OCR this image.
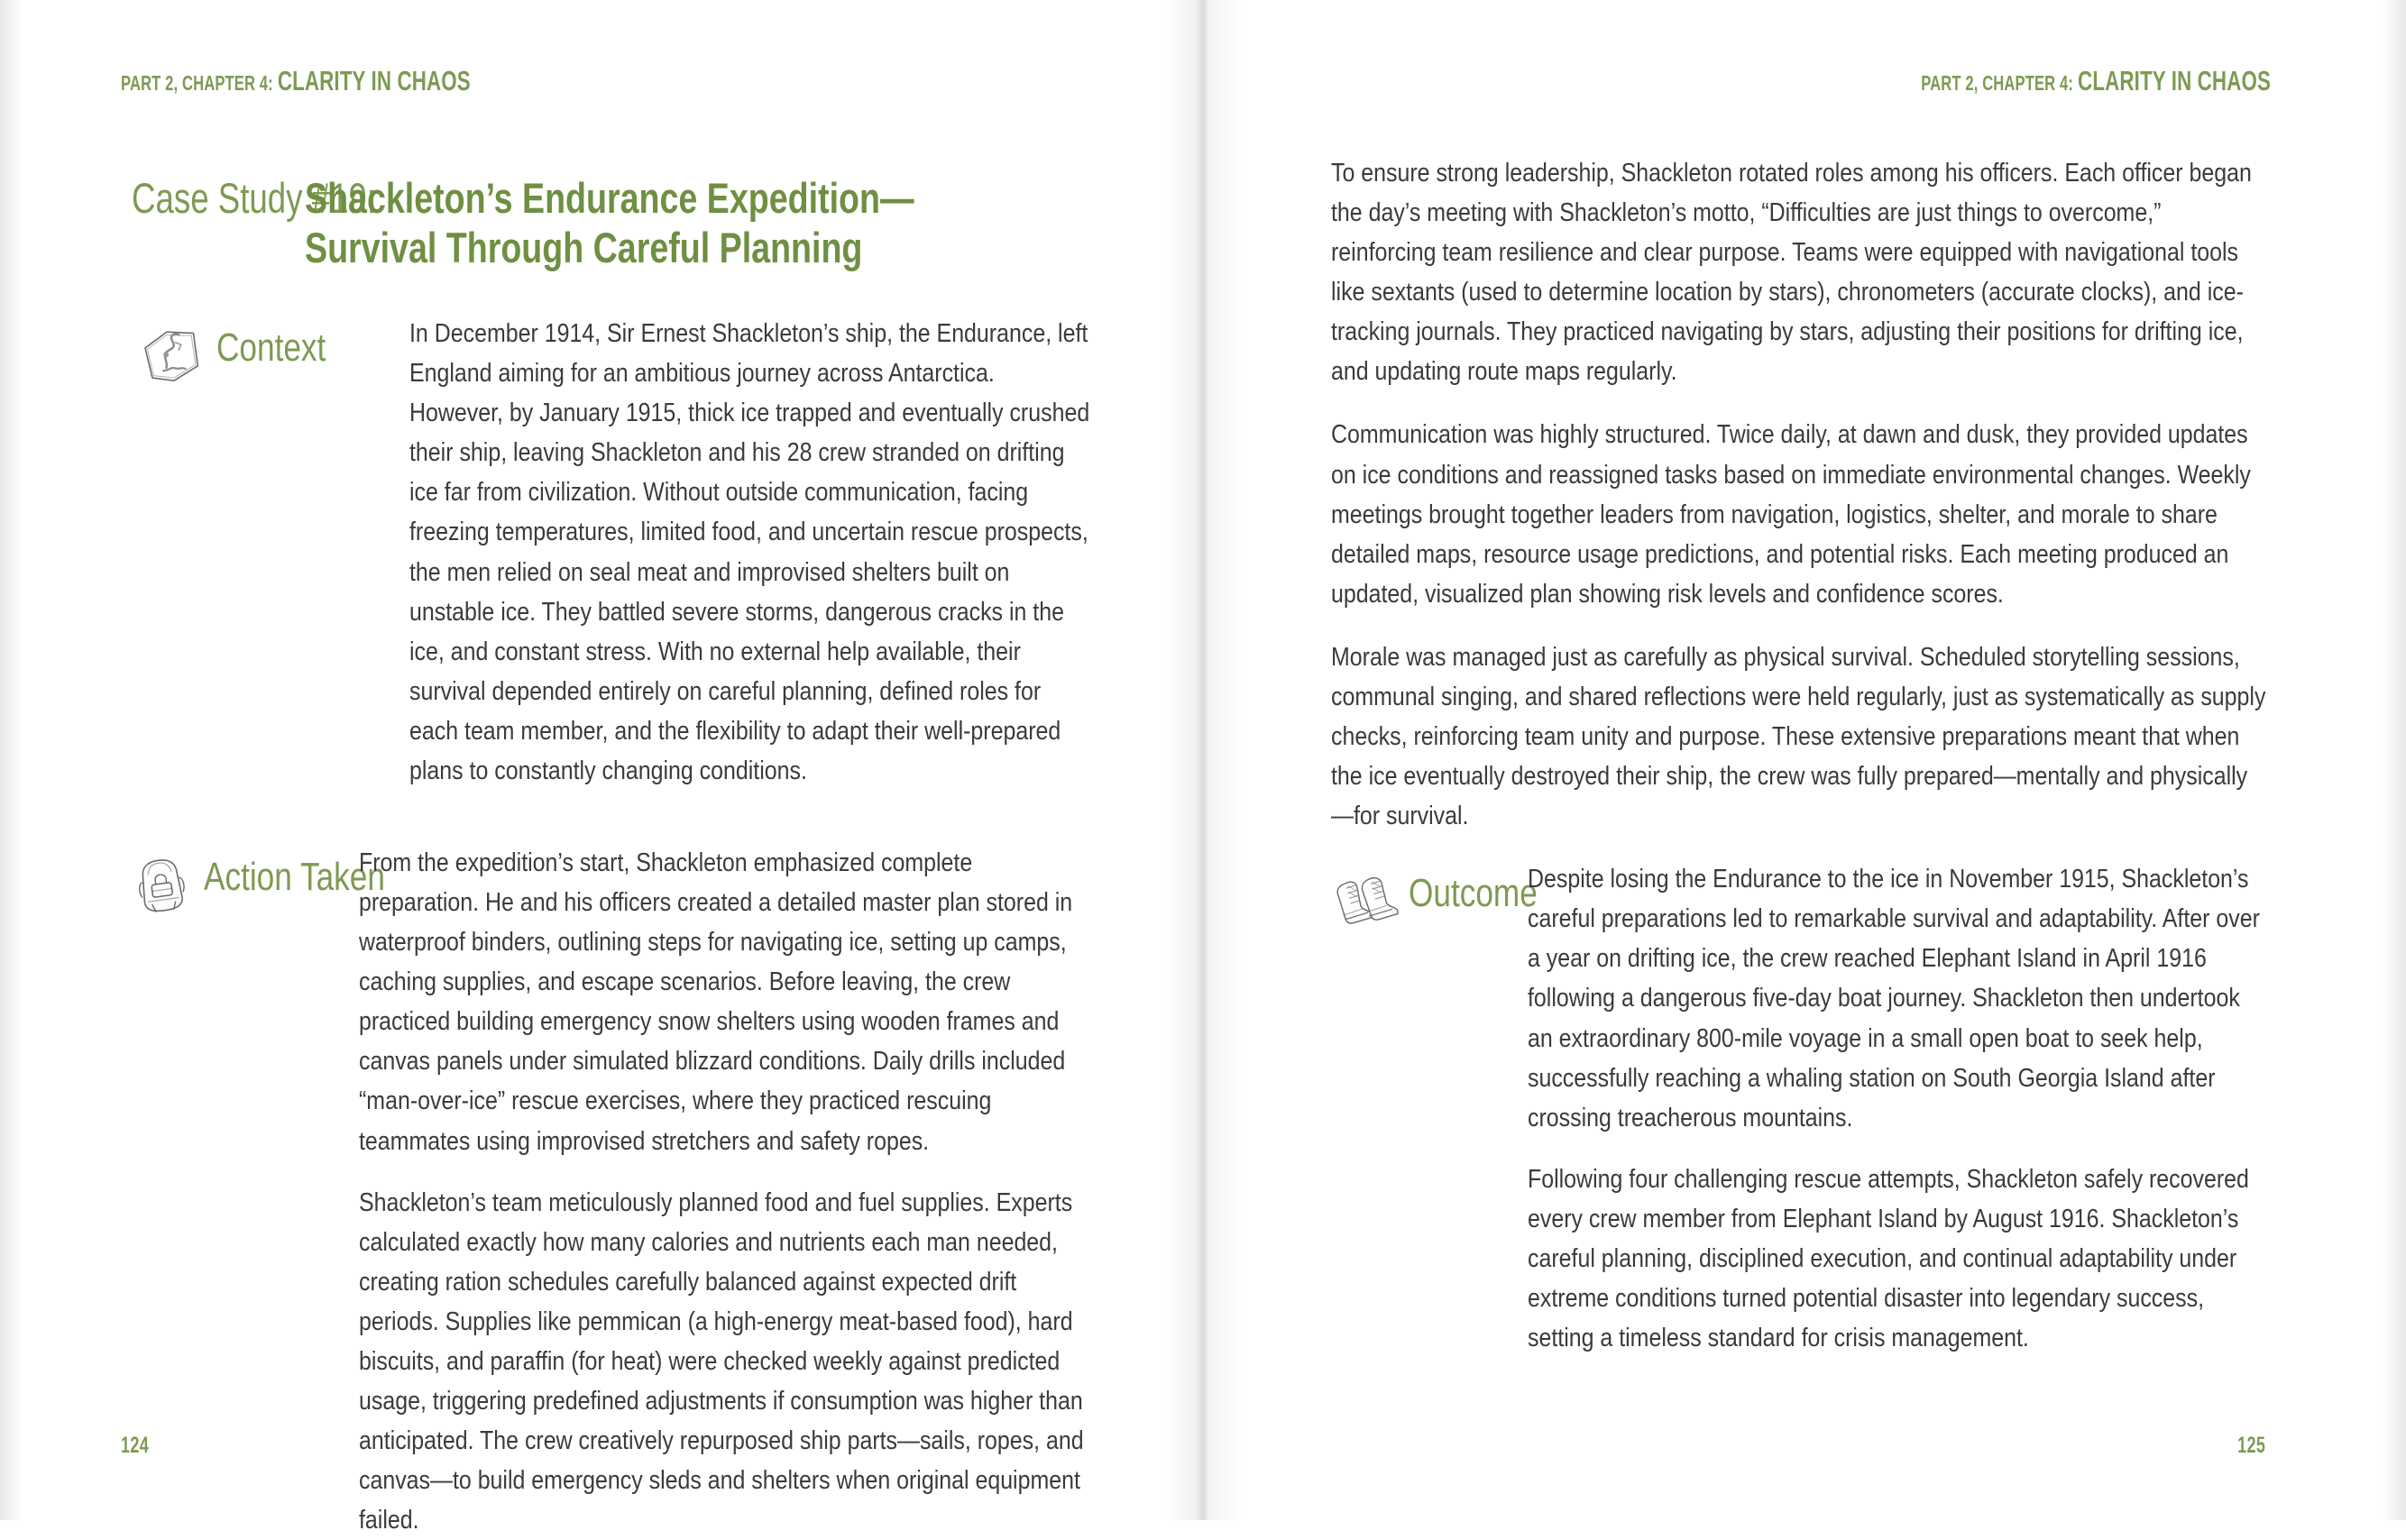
PART 2, CHAPTER 4: CLARITY IN CHAOS
Case Study #19:
Shackleton’s Endurance Expedition—Survival Through Careful Planning
Context	In December 1914, Sir Ernest Shackleton’s ship, the Endurance, left England aiming for an ambitious journey across Antarctica. However, by January 1915, thick ice trapped and eventually crushed their ship, leaving Shackleton and his 28 crew stranded on drifting ice far from civilization. Without outside communication, facing freezing temperatures, limited food, and uncertain rescue prospects, the men relied on seal meat and improvised shelters built on unstable ice. They battled severe storms, dangerous cracks in the ice, and constant stress. With no external help available, their survival depended entirely on careful planning, defined roles for each team member, and the flexibility to adapt their well-prepared plans to constantly changing conditions.

Action Taken

From the expedition’s start, Shackleton emphasized complete preparation. He and his officers created a detailed master plan stored in waterproof binders, outlining steps for navigating ice, setting up camps, caching supplies, and escape scenarios. Before leaving, the crew practiced building emergency snow shelters using wooden frames and canvas panels under simulated blizzard conditions. Daily drills included “man-over-ice” rescue exercises, where they practiced rescuing teammates using improvised stretchers and safety ropes.

Shackleton’s team meticulously planned food and fuel supplies. Experts calculated exactly how many calories and nutrients each man needed, creating ration schedules carefully balanced against expected drift periods. Supplies like pemmican (a high-energy meat-based food), hard biscuits, and paraffin (for heat) were checked weekly against predicted usage, triggering predefined adjustments if consumption was higher than anticipated. The crew creatively repurposed ship parts—sails, ropes, and canvas—to build emergency sleds and shelters when original equipment failed.

124
PART 2, CHAPTER 4: CLARITY IN CHAOS

To ensure strong leadership, Shackleton rotated roles among his officers. Each officer began the day’s meeting with Shackleton’s motto, “Difficulties are just things to overcome,” reinforcing team resilience and clear purpose. Teams were equipped with navigational tools like sextants (used to determine location by stars), chronometers (accurate clocks), and ice-tracking journals. They practiced navigating by stars, adjusting their positions for drifting ice, and updating route maps regularly.

Communication was highly structured. Twice daily, at dawn and dusk, they provided updates on ice conditions and reassigned tasks based on immediate environmental changes. Weekly meetings brought together leaders from navigation, logistics, shelter, and morale to share detailed maps, resource usage predictions, and potential risks. Each meeting produced an updated, visualized plan showing risk levels and confidence scores.

Morale was managed just as carefully as physical survival. Scheduled storytelling sessions, communal singing, and shared reflections were held regularly, just as systematically as supply checks, reinforcing team unity and purpose. These extensive preparations meant that when the ice eventually destroyed their ship, the crew was fully prepared—mentally and physically—for survival.

Outcome

Despite losing the Endurance to the ice in November 1915, Shackleton’s careful preparations led to remarkable survival and adaptability. After over a year on drifting ice, the crew reached Elephant Island in April 1916 following a dangerous five-day boat journey. Shackleton then undertook an extraordinary 800-mile voyage in a small open boat to seek help, successfully reaching a whaling station on South Georgia Island after crossing treacherous mountains.

Following four challenging rescue attempts, Shackleton safely recovered every crew member from Elephant Island by August 1916. Shackleton’s careful planning, disciplined execution, and continual adaptability under extreme conditions turned potential disaster into legendary success, setting a timeless standard for crisis management.

125
